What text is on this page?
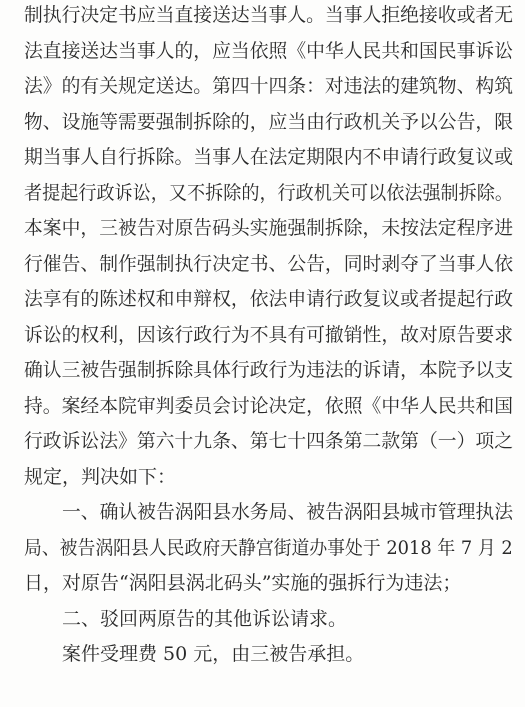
制执行决定书应当直接送达当事人。当事人拒绝接收或者无
法直接送达当事人的，应当依照《中华人民共和国民事诉讼
法》的有关规定送达。第四十四条：对违法的建筑物、构筑
物、设施等需要强制拆除的，应当由行政机关予以公告，限
期当事人自行拆除。当事人在法定期限内不申请行政复议或
者提起行政诉讼，又不拆除的，行政机关可以依法强制拆除。
本案中，三被告对原告码头实施强制拆除，未按法定程序进
行催告、制作强制执行决定书、公告，同时剥夺了当事人依
法享有的陈述权和申辩权，依法申请行政复议或者提起行政
诉讼的权利，因该行政行为不具有可撤销性，故对原告要求
确认三被告强制拆除具体行政行为违法的诉请，本院予以支
持。案经本院审判委员会讨论决定，依照《中华人民共和国
行政诉讼法》第六十九条、第七十四条第二款第（一）项之
规定，判决如下：
一、确认被告涡阳县水务局、被告涡阳县城市管理执法
局、被告涡阳县人民政府天静宫街道办事处于 2018 年 7 月 2
日，对原告“涡阳县涡北码头”实施的强拆行为违法；
二、驳回两原告的其他诉讼请求。
案件受理费 50 元，由三被告承担。
